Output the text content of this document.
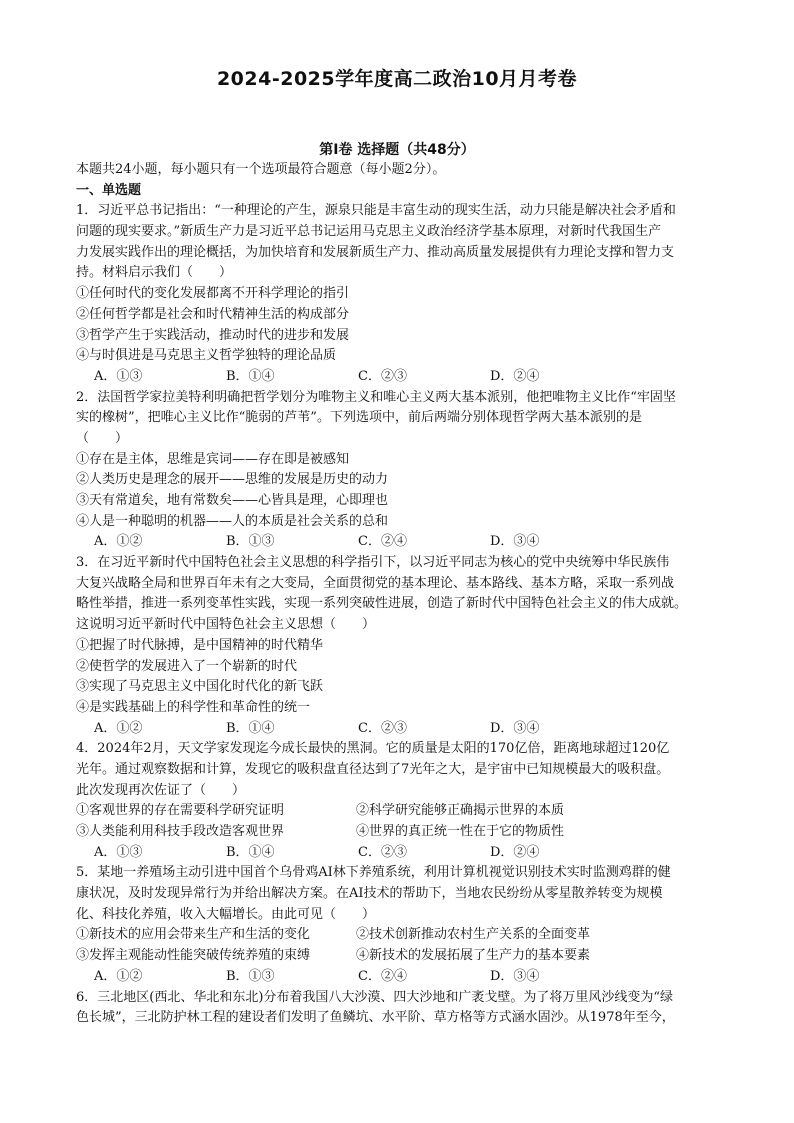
2024-2025学年度高二政治10月月考卷
第Ⅰ卷 选择题（共48分）
本题共24小题，每小题只有一个选项最符合题意（每小题2分）。
一、单选题
1．习近平总书记指出：“一种理论的产生，源泉只能是丰富生动的现实生活，动力只能是解决社会矛盾和
问题的现实要求。”新质生产力是习近平总书记运用马克思主义政治经济学基本原理，对新时代我国生产
力发展实践作出的理论概括，为加快培育和发展新质生产力、推动高质量发展提供有力理论支撑和智力支
持。材料启示我们（　　）
①任何时代的变化发展都离不开科学理论的指引
②任何哲学都是社会和时代精神生活的构成部分
③哲学产生于实践活动，推动时代的进步和发展
④与时俱进是马克思主义哲学独特的理论品质
A．①③	B．①④	C．②③	D．②④
2．法国哲学家拉美特利明确把哲学划分为唯物主义和唯心主义两大基本派别，他把唯物主义比作“牢固坚
实的橡树”，把唯心主义比作“脆弱的芦苇”。下列选项中，前后两端分别体现哲学两大基本派别的是
（　　）
①存在是主体，思维是宾词——存在即是被感知
②人类历史是理念的展开——思维的发展是历史的动力
③天有常道矣，地有常数矣——心皆具是理，心即理也
④人是一种聪明的机器——人的本质是社会关系的总和
A．①②	B．①③	C．②④	D．③④
3．在习近平新时代中国特色社会主义思想的科学指引下，以习近平同志为核心的党中央统筹中华民族伟
大复兴战略全局和世界百年未有之大变局，全面贯彻党的基本理论、基本路线、基本方略，采取一系列战
略性举措，推进一系列变革性实践，实现一系列突破性进展，创造了新时代中国特色社会主义的伟大成就。
这说明习近平新时代中国特色社会主义思想（　　）
①把握了时代脉搏，是中国精神的时代精华
②使哲学的发展进入了一个崭新的时代
③实现了马克思主义中国化时代化的新飞跃
④是实践基础上的科学性和革命性的统一
A．①②	B．①④	C．②③	D．③④
4．2024年2月，天文学家发现迄今成长最快的黑洞。它的质量是太阳的170亿倍，距离地球超过120亿
光年。通过观察数据和计算，发现它的吸积盘直径达到了7光年之大，是宇宙中已知规模最大的吸积盘。
此次发现再次佐证了（　　）
①客观世界的存在需要科学研究证明	②科学研究能够正确揭示世界的本质
③人类能利用科技手段改造客观世界	④世界的真正统一性在于它的物质性
A．①③	B．①④	C．②③	D．②④
5．某地一养殖场主动引进中国首个乌骨鸡AI林下养殖系统，利用计算机视觉识别技术实时监测鸡群的健
康状况，及时发现异常行为并给出解决方案。在AI技术的帮助下，当地农民纷纷从零星散养转变为规模
化、科技化养殖，收入大幅增长。由此可见（　　）
①新技术的应用会带来生产和生活的变化	②技术创新推动农村生产关系的全面变革
③发挥主观能动性能突破传统养殖的束缚	④新技术的发展拓展了生产力的基本要素
A．①②	B．①③	C．②④	D．③④
6．三北地区(西北、华北和东北)分布着我国八大沙漠、四大沙地和广袤戈壁。为了将万里风沙线变为“绿
色长城”，三北防护林工程的建设者们发明了鱼鳞坑、水平阶、草方格等方式涵水固沙。从1978年至今，
